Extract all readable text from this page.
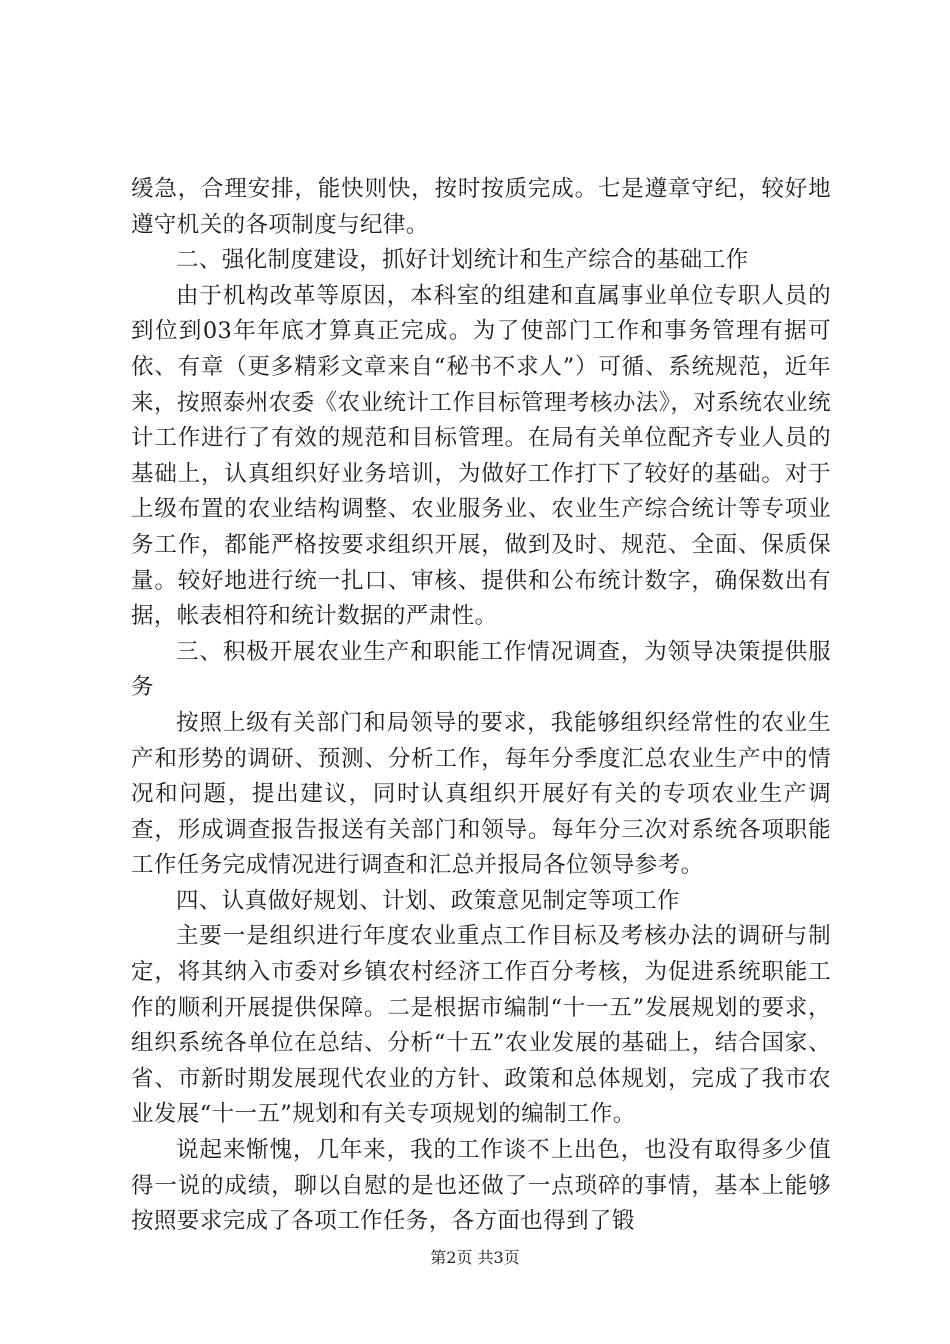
缓急，合理安排，能快则快，按时按质完成。七是遵章守纪，较好地遵守机关的各项制度与纪律。

二、强化制度建设，抓好计划统计和生产综合的基础工作

由于机构改革等原因，本科室的组建和直属事业单位专职人员的到位到03年年底才算真正完成。为了使部门工作和事务管理有据可依、有章（更多精彩文章来自“秘书不求人”）可循、系统规范，近年来，按照泰州农委《农业统计工作目标管理考核办法》，对系统农业统计工作进行了有效的规范和目标管理。在局有关单位配齐专业人员的基础上，认真组织好业务培训，为做好工作打下了较好的基础。对于上级布置的农业结构调整、农业服务业、农业生产综合统计等专项业务工作，都能严格按要求组织开展，做到及时、规范、全面、保质保量。较好地进行统一扎口、审核、提供和公布统计数字，确保数出有据，帐表相符和统计数据的严肃性。

三、积极开展农业生产和职能工作情况调查，为领导决策提供服务

按照上级有关部门和局领导的要求，我能够组织经常性的农业生产和形势的调研、预测、分析工作，每年分季度汇总农业生产中的情况和问题，提出建议，同时认真组织开展好有关的专项农业生产调查，形成调查报告报送有关部门和领导。每年分三次对系统各项职能工作任务完成情况进行调查和汇总并报局各位领导参考。

四、认真做好规划、计划、政策意见制定等项工作

主要一是组织进行年度农业重点工作目标及考核办法的调研与制定，将其纳入市委对乡镇农村经济工作百分考核，为促进系统职能工作的顺利开展提供保障。二是根据市编制“十一五”发展规划的要求，组织系统各单位在总结、分析“十五”农业发展的基础上，结合国家、省、市新时期发展现代农业的方针、政策和总体规划，完成了我市农业发展“十一五”规划和有关专项规划的编制工作。

说起来惭愧，几年来，我的工作谈不上出色，也没有取得多少值得一说的成绩，聊以自慰的是也还做了一点琐碎的事情，基本上能够按照要求完成了各项工作任务，各方面也得到了锻

第2页 共3页
